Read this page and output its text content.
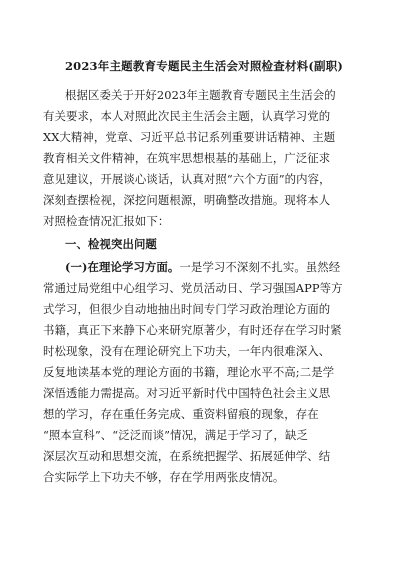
2023年主题教育专题民主生活会对照检查材料(副职)
根据区委关于开好2023年主题教育专题民主生活会的
有关要求，本人对照此次民主生活会主题，认真学习党的
XX大精神，党章、习近平总书记系列重要讲话精神、主题
教育相关文件精神，在筑牢思想根基的基础上，广泛征求
意见建议，开展谈心谈话，认真对照“六个方面”的内容，
深刻查摆检视，深挖问题根源，明确整改措施。现将本人
对照检查情况汇报如下：
一、检视突出问题
(一)在理论学习方面。一是学习不深刻不扎实。虽然经
常通过局党组中心组学习、党员活动日、学习强国APP等方
式学习，但很少自动地抽出时间专门学习政治理论方面的
书籍，真正下来静下心来研究原著少，有时还存在学习时紧
时松现象，没有在理论研究上下功夫，一年内很难深入、
反复地读基本党的理论方面的书籍，理论水平不高;二是学
深悟透能力需提高。对习近平新时代中国特色社会主义思
想的学习，存在重任务完成、重资料留痕的现象，存在
“照本宣科”、“泛泛而谈”情况，满足于学习了，缺乏
深层次互动和思想交流，在系统把握学、拓展延伸学、结
合实际学上下功夫不够，存在学用两张皮情况。
